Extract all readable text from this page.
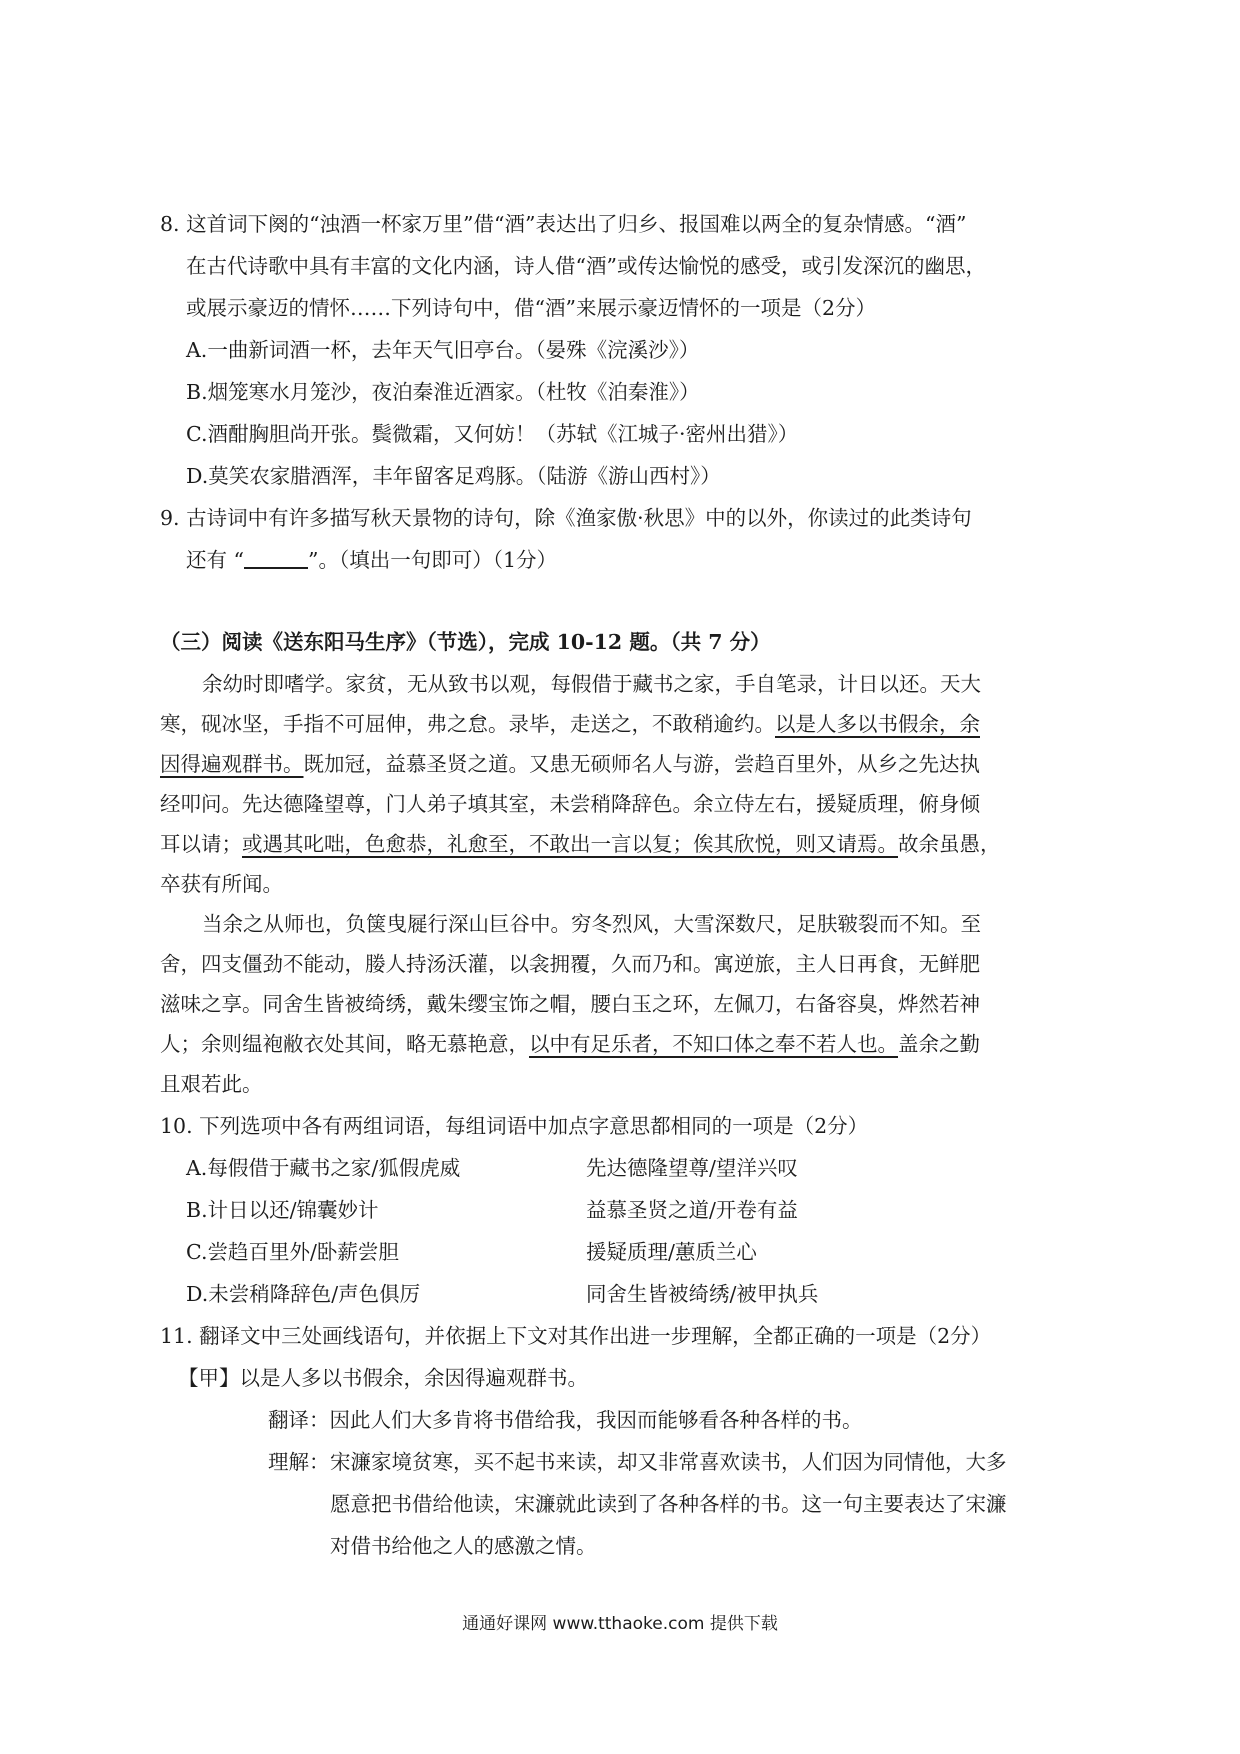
8. 这首词下阕的“浊酒一杯家万里”借“酒”表达出了归乡、报国难以两全的复杂情感。“酒”
在古代诗歌中具有丰富的文化内涵，诗人借“酒”或传达愉悦的感受，或引发深沉的幽思，
或展示豪迈的情怀……下列诗句中，借“酒”来展示豪迈情怀的一项是（2分）
A.一曲新词酒一杯，去年天气旧亭台。（晏殊《浣溪沙》）
B.烟笼寒水月笼沙，夜泊秦淮近酒家。（杜牧《泊秦淮》）
C.酒酣胸胆尚开张。鬓微霜，又何妨！（苏轼《江城子·密州出猎》）
D.莫笑农家腊酒浑，丰年留客足鸡豚。（陆游《游山西村》）
9. 古诗词中有许多描写秋天景物的诗句，除《渔家傲·秋思》中的以外，你读过的此类诗句
还有 “	”。（填出一句即可）（1分）
（三）阅读《送东阳马生序》（节选），完成 10-12 题。（共 7 分）
余幼时即嗜学。家贫，无从致书以观，每假借于藏书之家，手自笔录，计日以还。天大
寒，砚冰坚，手指不可屈伸，弗之怠。录毕，走送之，不敢稍逾约。以是人多以书假余，余
因得遍观群书。既加冠，益慕圣贤之道。又患无硕师名人与游，尝趋百里外，从乡之先达执
经叩问。先达德隆望尊，门人弟子填其室，未尝稍降辞色。余立侍左右，援疑质理，俯身倾
耳以请；或遇其叱咄，色愈恭，礼愈至，不敢出一言以复；俟其欣悦，则又请焉。故余虽愚，
卒获有所闻。
当余之从师也，负箧曳屣行深山巨谷中。穷冬烈风，大雪深数尺，足肤皲裂而不知。至
舍，四支僵劲不能动，媵人持汤沃灌，以衾拥覆，久而乃和。寓逆旅，主人日再食，无鲜肥
滋味之享。同舍生皆被绮绣，戴朱缨宝饰之帽，腰白玉之环，左佩刀，右备容臭，烨然若神
人；余则缊袍敝衣处其间，略无慕艳意，以中有足乐者，不知口体之奉不若人也。盖余之勤
且艰若此。
10. 下列选项中各有两组词语，每组词语中加点字意思都相同的一项是（2分）
A.每假借于藏书之家/狐假虎威	先达德隆望尊/望洋兴叹
B.计日以还/锦囊妙计	益慕圣贤之道/开卷有益
C.尝趋百里外/卧薪尝胆	援疑质理/蕙质兰心
D.未尝稍降辞色/声色俱厉	同舍生皆被绮绣/被甲执兵
11. 翻译文中三处画线语句，并依据上下文对其作出进一步理解，全都正确的一项是（2分）
【甲】以是人多以书假余，余因得遍观群书。
翻译：因此人们大多肯将书借给我，我因而能够看各种各样的书。
理解： 宋濂家境贫寒，买不起书来读，却又非常喜欢读书，人们因为同情他，大多
愿意把书借给他读，宋濂就此读到了各种各样的书。这一句主要表达了宋濂
对借书给他之人的感激之情。
通通好课网 www.tthaoke.com 提供下载
